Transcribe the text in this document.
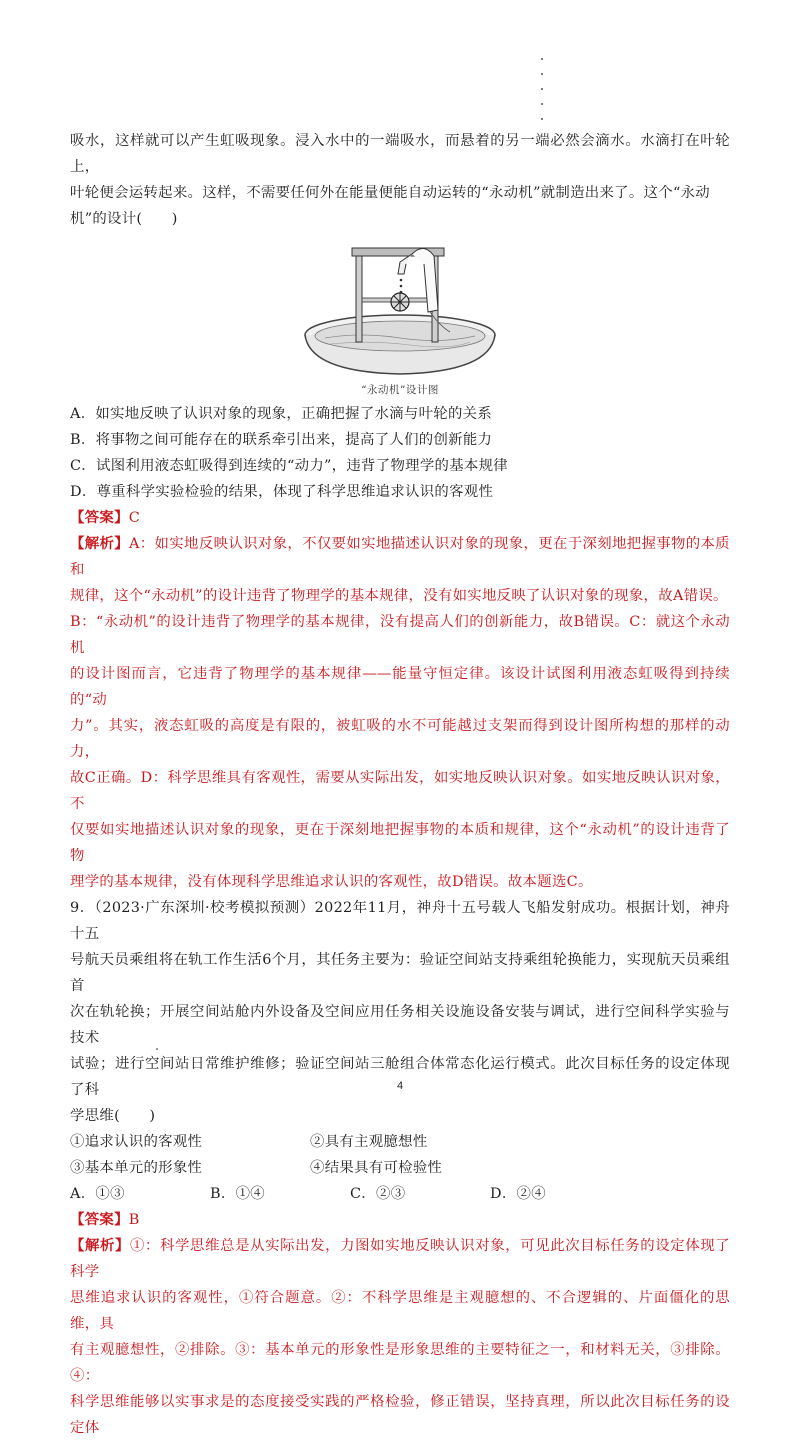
吸水，这样就可以产生虹吸现象。浸入水中的一端吸水，而悬着的另一端必然会滴水。水滴打在叶轮上，

叶轮便会运转起来。这样，不需要任何外在能量便能自动运转的“永动机”就制造出来了。这个“永动

机”的设计(　　)

“永动机”设计图

A．如实地反映了认识对象的现象，正确把握了水滴与叶轮的关系

B．将事物之间可能存在的联系牵引出来，提高了人们的创新能力

C．试图利用液态虹吸得到连续的“动力”，违背了物理学的基本规律

D．尊重科学实验检验的结果，体现了科学思维追求认识的客观性

【答案】C

【解析】A：如实地反映认识对象，不仅要如实地描述认识对象的现象，更在于深刻地把握事物的本质和

规律，这个“永动机”的设计违背了物理学的基本规律，没有如实地反映了认识对象的现象，故A错误。

B：“永动机”的设计违背了物理学的基本规律，没有提高人们的创新能力，故B错误。C：就这个永动机

的设计图而言，它违背了物理学的基本规律——能量守恒定律。该设计试图利用液态虹吸得到持续的“动

力”。其实，液态虹吸的高度是有限的，被虹吸的水不可能越过支架而得到设计图所构想的那样的动力，

故C正确。D：科学思维具有客观性，需要从实际出发，如实地反映认识对象。如实地反映认识对象，不

仅要如实地描述认识对象的现象，更在于深刻地把握事物的本质和规律，这个“永动机”的设计违背了物

理学的基本规律，没有体现科学思维追求认识的客观性，故D错误。故本题选C。

9．（2023·广东深圳·校考模拟预测）2022年11月，神舟十五号载人飞船发射成功。根据计划，神舟十五

号航天员乘组将在轨工作生活6个月，其任务主要为：验证空间站支持乘组轮换能力，实现航天员乘组首

次在轨轮换；开展空间站舱内外设备及空间应用任务相关设施设备安装与调试，进行空间科学实验与技术

试验；进行空间站日常维护维修；验证空间站三舱组合体常态化运行模式。此次目标任务的设定体现了科

学思维(　　)

①追求认识的客观性	②具有主观臆想性
③基本单元的形象性	④结果具有可检验性
A．①③	B．①④	C．②③	D．②④

【答案】B

【解析】①：科学思维总是从实际出发，力图如实地反映认识对象，可见此次目标任务的设定体现了科学

思维追求认识的客观性，①符合题意。②：不科学思维是主观臆想的、不合逻辑的、片面僵化的思维，具

有主观臆想性，②排除。③：基本单元的形象性是形象思维的主要特征之一，和材料无关，③排除。④：

科学思维能够以实事求是的态度接受实践的严格检验，修正错误，坚持真理，所以此次目标任务的设定体

4
